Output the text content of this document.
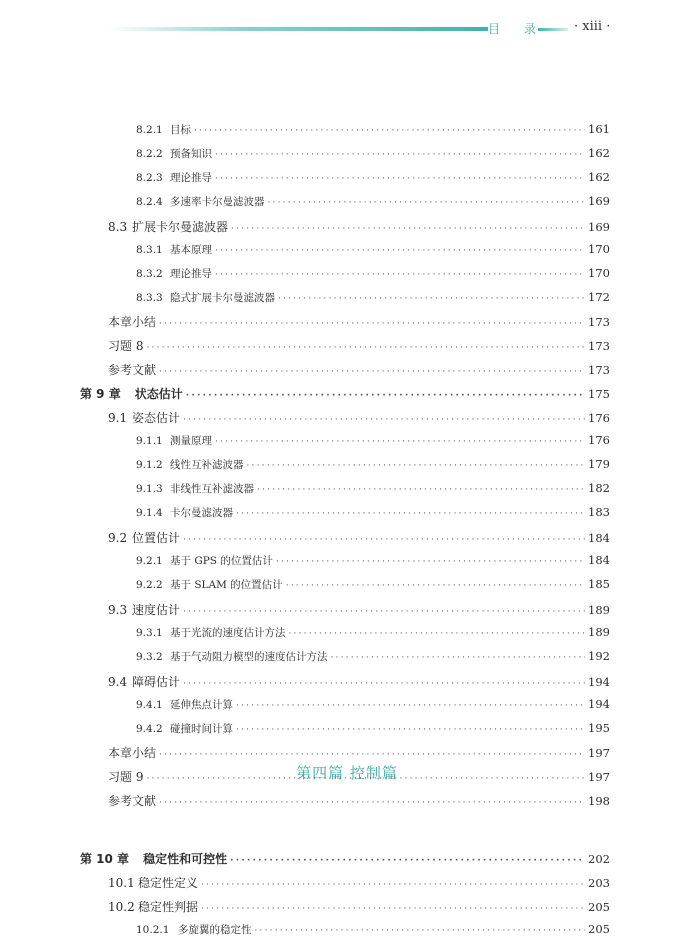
目 录	· xiii ·
第四篇 控制篇
8.2.1 目标 ·····	161
8.2.2 预备知识 ·····	162
8.2.3 理论推导 ·····	162
8.2.4 多速率卡尔曼滤波器 ·····	169
8.3 扩展卡尔曼滤波器 ·····	169
8.3.1 基本原理 ·····	170
8.3.2 理论推导 ·····	170
8.3.3 隐式扩展卡尔曼滤波器 ·····	172
本章小结 ·····	173
习题 8 ·····	173
参考文献 ·····	173
第 9 章 状态估计 ·····	175
9.1 姿态估计 ·····	176
9.1.1 测量原理 ·····	176
9.1.2 线性互补滤波器 ·····	179
9.1.3 非线性互补滤波器 ·····	182
9.1.4 卡尔曼滤波器 ·····	183
9.2 位置估计 ·····	184
9.2.1 基于 GPS 的位置估计 ·····	184
9.2.2 基于 SLAM 的位置估计 ·····	185
9.3 速度估计 ·····	189
9.3.1 基于光流的速度估计方法 ·····	189
9.3.2 基于气动阻力模型的速度估计方法 ·····	192
9.4 障碍估计 ·····	194
9.4.1 延伸焦点计算 ·····	194
9.4.2 碰撞时间计算 ·····	195
本章小结 ·····	197
习题 9 ·····	197
参考文献 ·····	198
第 10 章 稳定性和可控性 ·····	202
10.1 稳定性定义 ·····	203
10.2 稳定性判据 ·····	205
10.2.1 多旋翼的稳定性 ·····	205
